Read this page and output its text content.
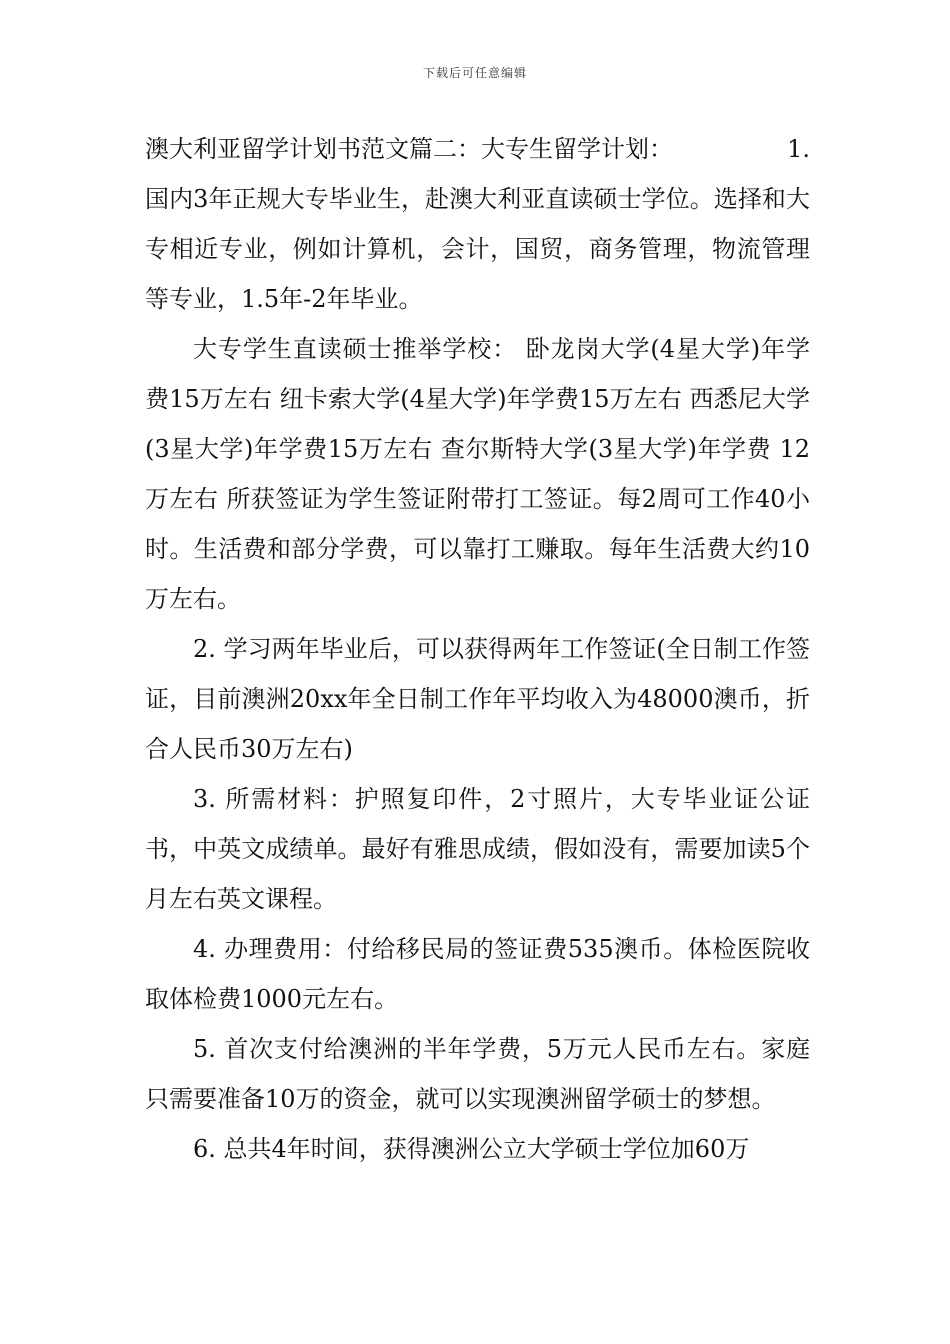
下载后可任意编辑

澳大利亚留学计划书范文篇二：大专生留学计划：	1.
国内3年正规大专毕业生，赴澳大利亚直读硕士学位。选择和大专相近专业，例如计算机，会计，国贸，商务管理，物流管理等专业，1.5年-2年毕业。

大专学生直读硕士推举学校： 卧龙岗大学(4星大学)年学费15万左右 纽卡索大学(4星大学)年学费15万左右 西悉尼大学 (3星大学)年学费15万左右 查尔斯特大学(3星大学)年学费 12万左右 所获签证为学生签证附带打工签证。每2周可工作40小时。生活费和部分学费，可以靠打工赚取。每年生活费大约10万左右。

2. 学习两年毕业后，可以获得两年工作签证(全日制工作签证，目前澳洲20xx年全日制工作年平均收入为48000澳币，折合人民币30万左右)

3. 所需材料：护照复印件，2寸照片，大专毕业证公证书，中英文成绩单。最好有雅思成绩，假如没有，需要加读5个月左右英文课程。

4. 办理费用：付给移民局的签证费535澳币。体检医院收取体检费1000元左右。

5. 首次支付给澳洲的半年学费，5万元人民币左右。家庭只需要准备10万的资金，就可以实现澳洲留学硕士的梦想。

6. 总共4年时间，获得澳洲公立大学硕士学位加60万
